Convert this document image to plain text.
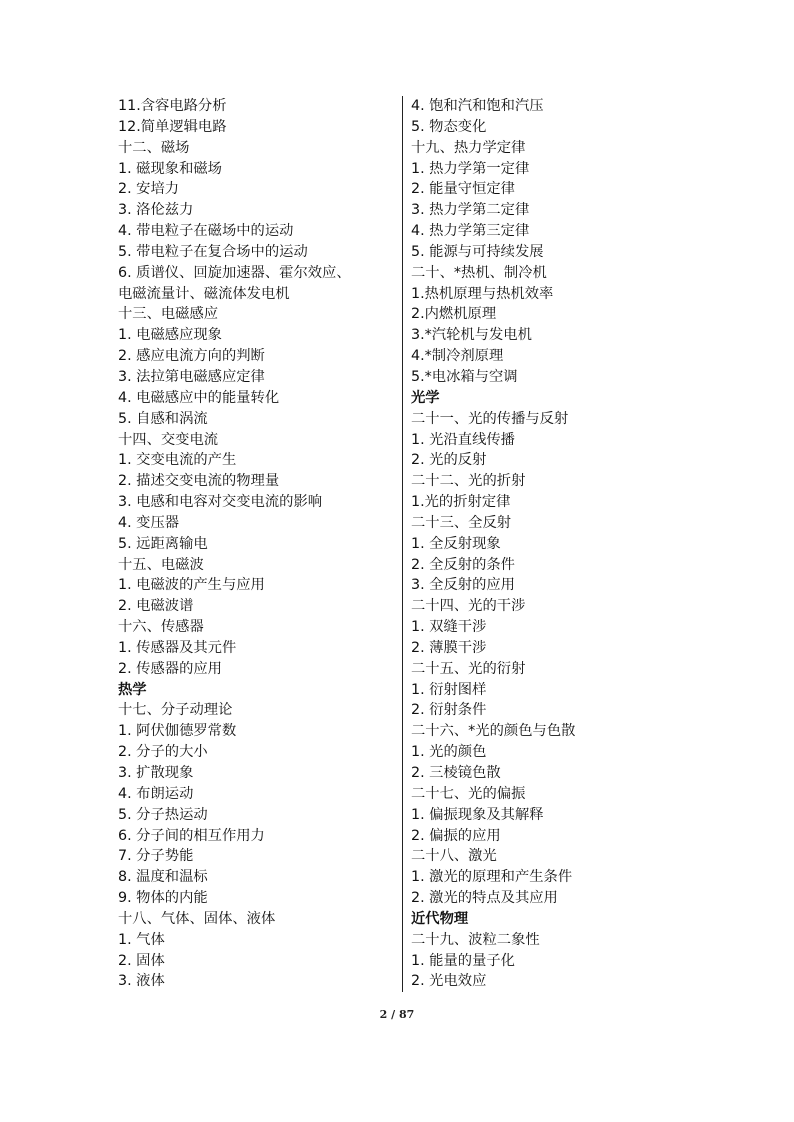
11.含容电路分析
12.简单逻辑电路
十二、磁场
1. 磁现象和磁场
2. 安培力
3. 洛伦兹力
4. 带电粒子在磁场中的运动
5. 带电粒子在复合场中的运动
6. 质谱仪、回旋加速器、霍尔效应、
电磁流量计、磁流体发电机
十三、电磁感应
1. 电磁感应现象
2. 感应电流方向的判断
3. 法拉第电磁感应定律
4. 电磁感应中的能量转化
5. 自感和涡流
十四、交变电流
1. 交变电流的产生
2. 描述交变电流的物理量
3. 电感和电容对交变电流的影响
4. 变压器
5. 远距离输电
十五、电磁波
1. 电磁波的产生与应用
2. 电磁波谱
十六、传感器
1. 传感器及其元件
2. 传感器的应用
热学
十七、分子动理论
1. 阿伏伽德罗常数
2. 分子的大小
3. 扩散现象
4. 布朗运动
5. 分子热运动
6. 分子间的相互作用力
7. 分子势能
8. 温度和温标
9. 物体的内能
十八、气体、固体、液体
1. 气体
2. 固体
3. 液体
4. 饱和汽和饱和汽压
5. 物态变化
十九、热力学定律
1. 热力学第一定律
2. 能量守恒定律
3. 热力学第二定律
4. 热力学第三定律
5. 能源与可持续发展
二十、*热机、制冷机
1.热机原理与热机效率
2.内燃机原理
3.*汽轮机与发电机
4.*制冷剂原理
5.*电冰箱与空调
光学
二十一、光的传播与反射
1. 光沿直线传播
2. 光的反射
二十二、光的折射
1.光的折射定律
二十三、全反射
1. 全反射现象
2. 全反射的条件
3. 全反射的应用
二十四、光的干涉
1. 双缝干涉
2. 薄膜干涉
二十五、光的衍射
1. 衍射图样
2. 衍射条件
二十六、*光的颜色与色散
1. 光的颜色
2. 三棱镜色散
二十七、光的偏振
1. 偏振现象及其解释
2. 偏振的应用
二十八、激光
1. 激光的原理和产生条件
2. 激光的特点及其应用
近代物理
二十九、波粒二象性
1. 能量的量子化
2. 光电效应
2 / 87
